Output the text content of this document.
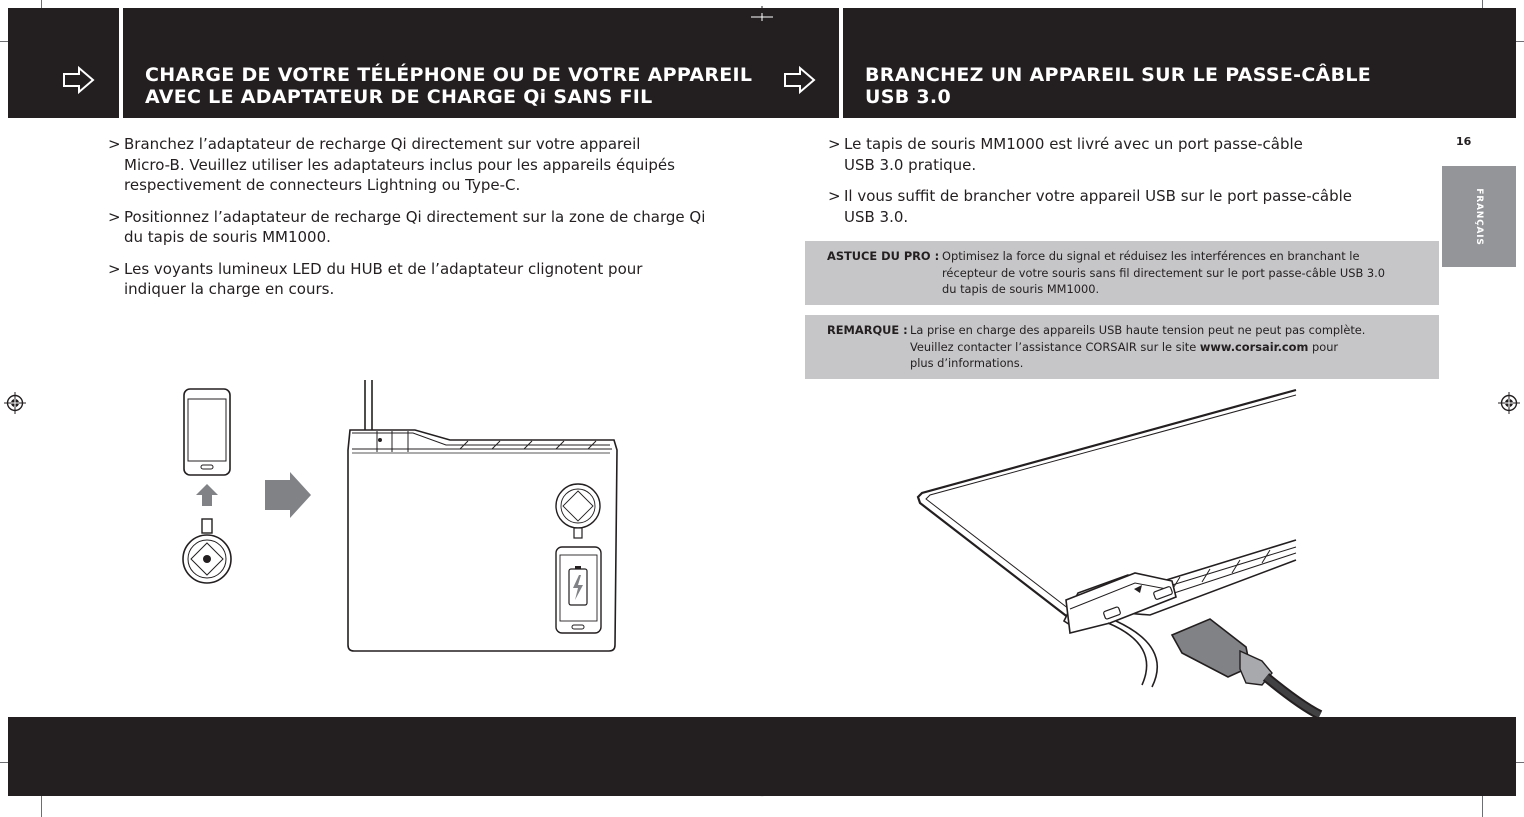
CHARGE DE VOTRE TÉLÉPHONE OU DE VOTRE APPAREIL

AVEC LE ADAPTATEUR DE CHARGE Qi SANS FIL

BRANCHEZ UN APPAREIL SUR LE PASSE-CÂBLE

USB 3.0

> Branchez l’adaptateur de recharge Qi directement sur votre appareil
Micro-B. Veuillez utiliser les adaptateurs inclus pour les appareils équipés
respectivement de connecteurs Lightning ou Type-C.
> Positionnez l’adaptateur de recharge Qi directement sur la zone de charge Qi
du tapis de souris MM1000.
> Les voyants lumineux LED du HUB et de l’adaptateur clignotent pour
indiquer la charge en cours.
> Le tapis de souris MM1000 est livré avec un port passe-câble
USB 3.0 pratique.
> Il vous suffit de brancher votre appareil USB sur le port passe-câble
USB 3.0.
ASTUCE DU PRO : Optimisez la force du signal et réduisez les interférences en branchant le
récepteur de votre souris sans fil directement sur le port passe-câble USB 3.0
du tapis de souris MM1000.
REMARQUE : La prise en charge des appareils USB haute tension peut ne peut pas complète.
Veuillez contacter l’assistance CORSAIR sur le site www.corsair.com pour
plus d’informations.
16
FRANÇAIS
